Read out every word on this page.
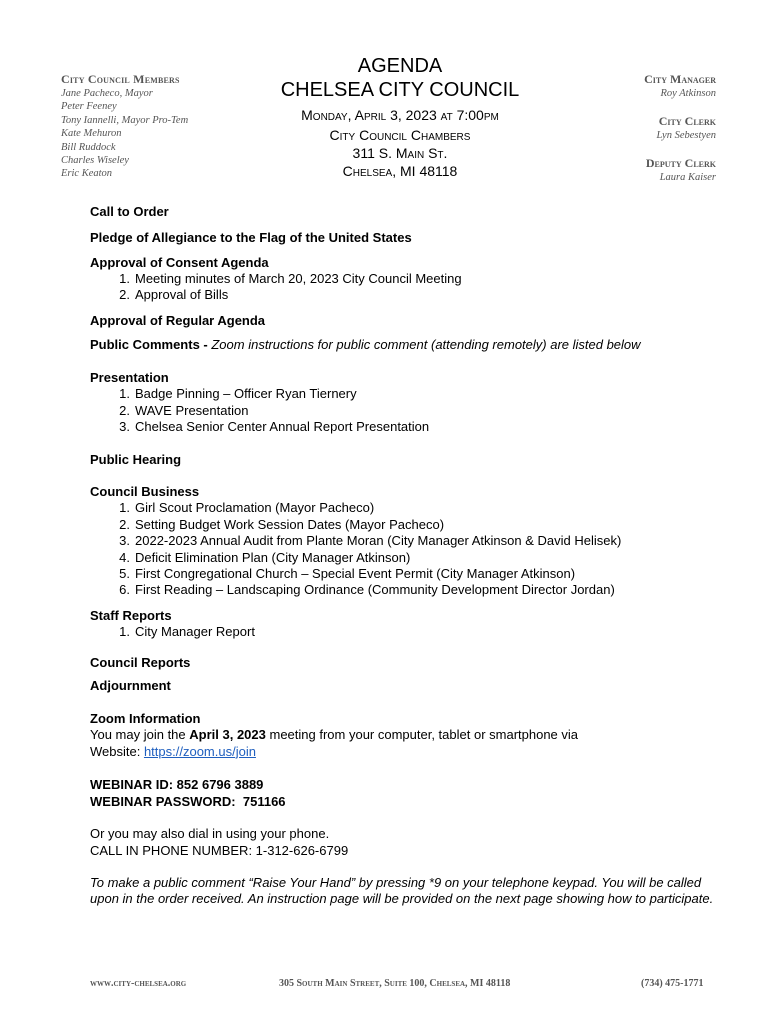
City Council Members
Jane Pacheco, Mayor
Peter Feeney
Tony Iannelli, Mayor Pro-Tem
Kate Mehuron
Bill Ruddock
Charles Wiseley
Eric Keaton
AGENDA
CHELSEA CITY COUNCIL
Monday, April 3, 2023 at 7:00pm
City Council Chambers
311 S. Main St.
Chelsea, MI 48118
City Manager
Roy Atkinson
City Clerk
Lyn Sebestyen
Deputy Clerk
Laura Kaiser
Call to Order
Pledge of Allegiance to the Flag of the United States
Approval of Consent Agenda
1. Meeting minutes of March 20, 2023 City Council Meeting
2. Approval of Bills
Approval of Regular Agenda
Public Comments - Zoom instructions for public comment (attending remotely) are listed below
Presentation
1. Badge Pinning – Officer Ryan Tiernery
2. WAVE Presentation
3. Chelsea Senior Center Annual Report Presentation
Public Hearing
Council Business
1. Girl Scout Proclamation (Mayor Pacheco)
2. Setting Budget Work Session Dates (Mayor Pacheco)
3. 2022-2023 Annual Audit from Plante Moran (City Manager Atkinson & David Helisek)
4. Deficit Elimination Plan (City Manager Atkinson)
5. First Congregational Church – Special Event Permit (City Manager Atkinson)
6. First Reading – Landscaping Ordinance (Community Development Director Jordan)
Staff Reports
1. City Manager Report
Council Reports
Adjournment
Zoom Information
You may join the April 3, 2023 meeting from your computer, tablet or smartphone via
Website: https://zoom.us/join
WEBINAR ID: 852 6796 3889
WEBINAR PASSWORD:  751166
Or you may also dial in using your phone.
CALL IN PHONE NUMBER: 1-312-626-6799
To make a public comment “Raise Your Hand” by pressing *9 on your telephone keypad. You will be called upon in the order received. An instruction page will be provided on the next page showing how to participate.
www.city-chelsea.org	305 South Main Street, Suite 100, Chelsea, MI 48118	(734) 475-1771
